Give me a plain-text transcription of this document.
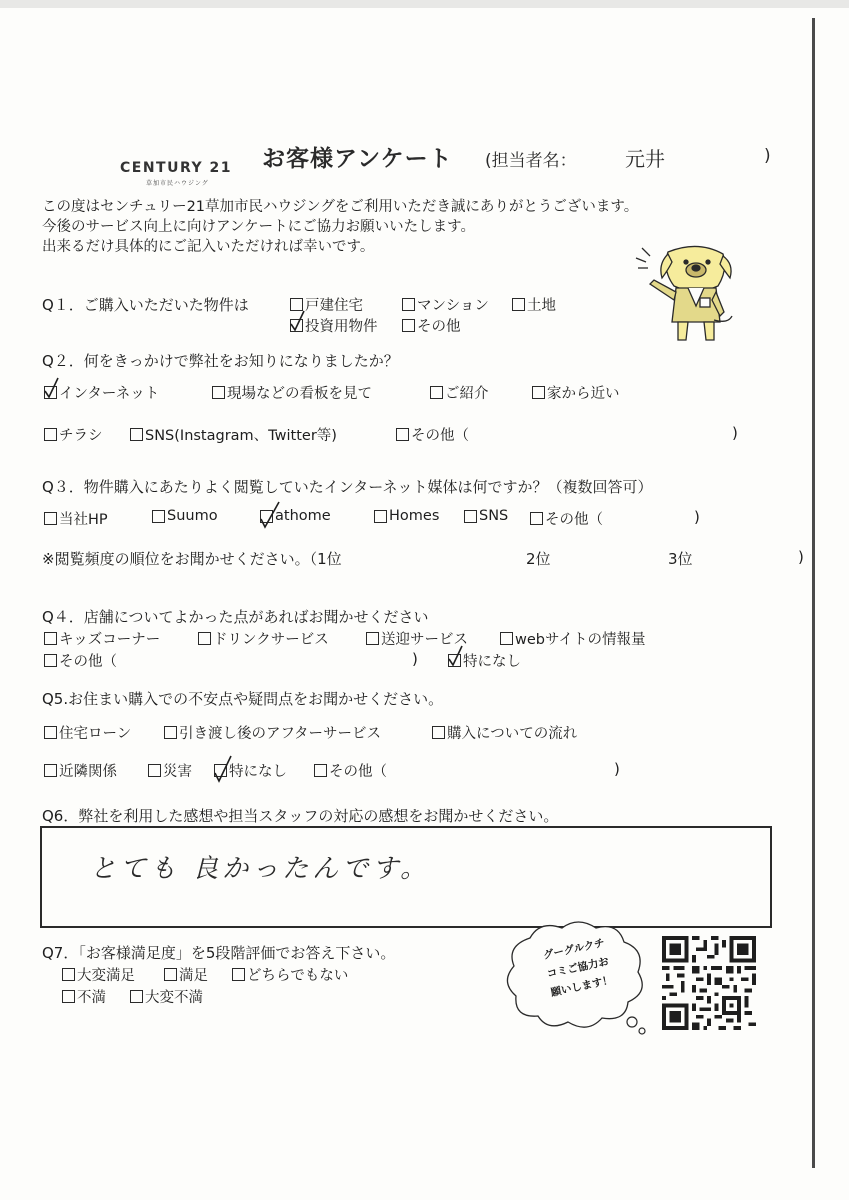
CENTURY 21
草加市民ハウジング
お客様アンケート (担当者名： 元井	)
この度はセンチュリー21草加市民ハウジングをご利用いただき誠にありがとうございます。
今後のサービス向上に向けアンケートにご協力お願いいたします。
出来るだけ具体的にご記入いただければ幸いです。
Q１．ご購入いただいた物件は	戸建住宅	マンション	土地
投資用物件	その他
Q２．何をきっかけで弊社をお知りになりましたか？
インターネット	現場などの看板を見て	ご紹介	家から近い
チラシ	SNS(Instagram、Twitter等)	その他（	)
Q３．物件購入にあたりよく閲覧していたインターネット媒体は何ですか？（複数回答可）
当社HP	Suumo	athome	Homes	SNS	その他（	)
※閲覧頻度の順位をお聞かせください。（1位	2位	3位	)
Q４．店舗についてよかった点があればお聞かせください
キッズコーナー	ドリンクサービス	送迎サービス	webサイトの情報量
その他（	)	特になし
Q5.お住まい購入での不安点や疑問点をお聞かせください。
住宅ローン	引き渡し後のアフターサービス	購入についての流れ
近隣関係	災害	特になし	その他（	)
Q6．弊社を利用した感想や担当スタッフの対応の感想をお聞かせください。
とても 良かったんです。
Q7．「お客様満足度」を5段階評価でお答え下さい。
大変満足	満足	どちらでもない
不満	大変不満
グーグルクチ
コミご協力お
願いします！
